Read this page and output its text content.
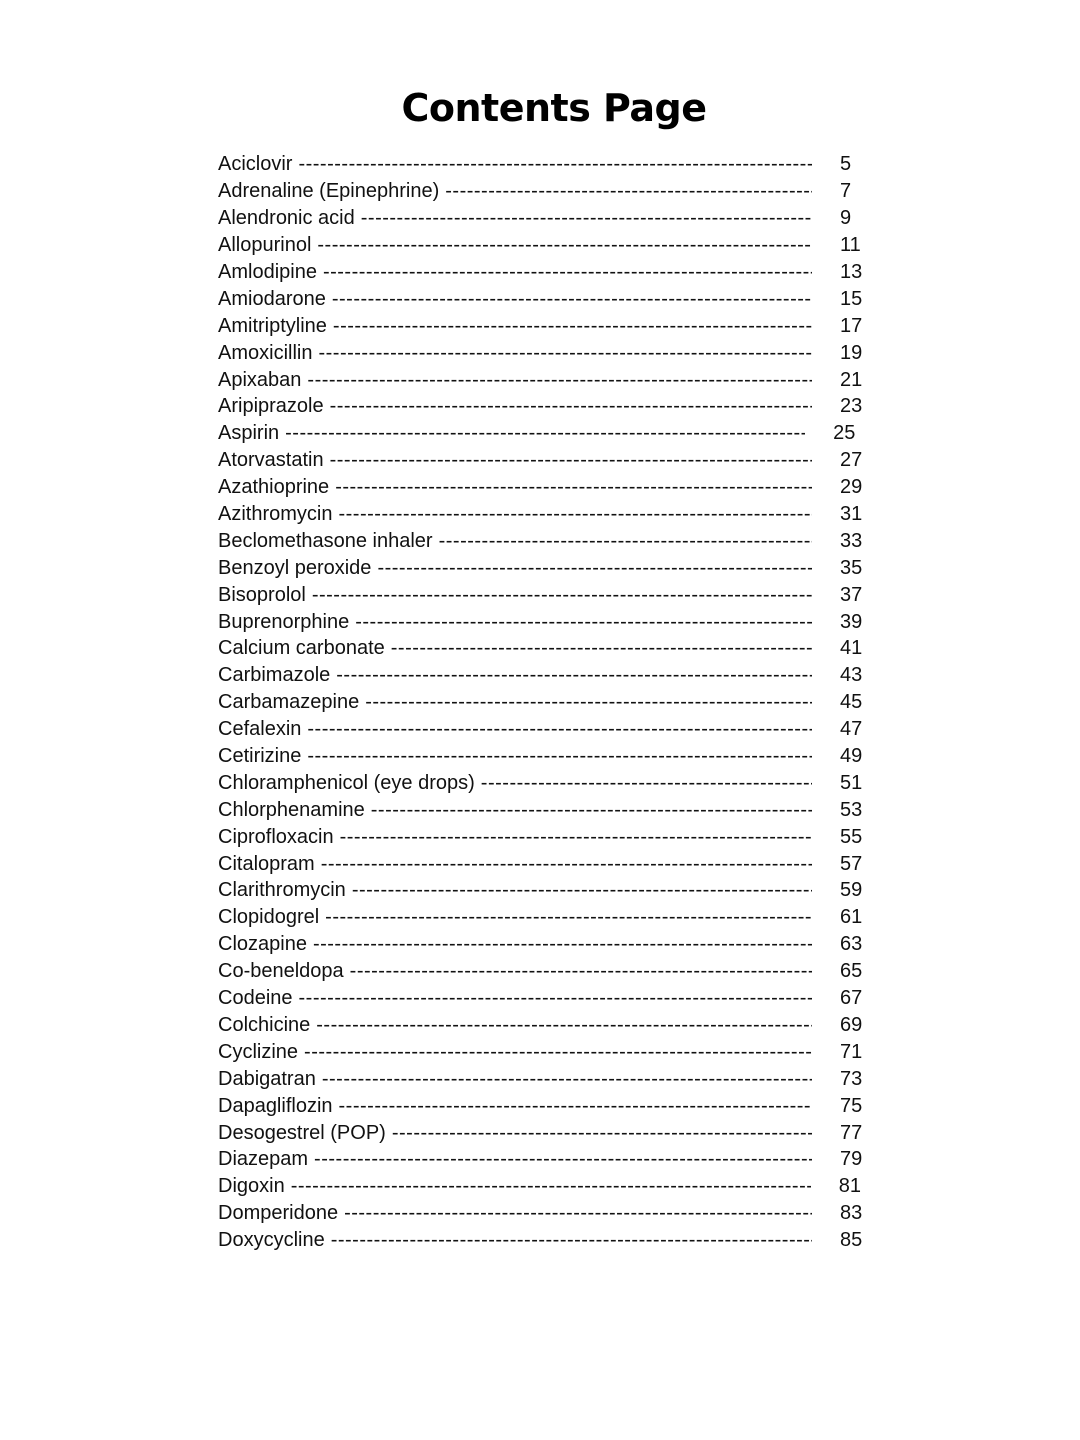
Contents Page
Aciclovir -----	5
Adrenaline (Epinephrine) -----	7
Alendronic acid -----	9
Allopurinol -----	11
Amlodipine -----	13
Amiodarone -----	15
Amitriptyline -----	17
Amoxicillin -----	19
Apixaban -----	21
Aripiprazole -----	23
Aspirin -----	25
Atorvastatin -----	27
Azathioprine -----	29
Azithromycin -----	31
Beclomethasone inhaler -----	33
Benzoyl peroxide -----	35
Bisoprolol -----	37
Buprenorphine -----	39
Calcium carbonate -----	41
Carbimazole -----	43
Carbamazepine -----	45
Cefalexin -----	47
Cetirizine -----	49
Chloramphenicol (eye drops) -----	51
Chlorphenamine -----	53
Ciprofloxacin -----	55
Citalopram -----	57
Clarithromycin -----	59
Clopidogrel -----	61
Clozapine -----	63
Co-beneldopa -----	65
Codeine -----	67
Colchicine -----	69
Cyclizine -----	71
Dabigatran -----	73
Dapagliflozin -----	75
Desogestrel (POP) -----	77
Diazepam -----	79
Digoxin -----	81
Domperidone -----	83
Doxycycline -----	85
